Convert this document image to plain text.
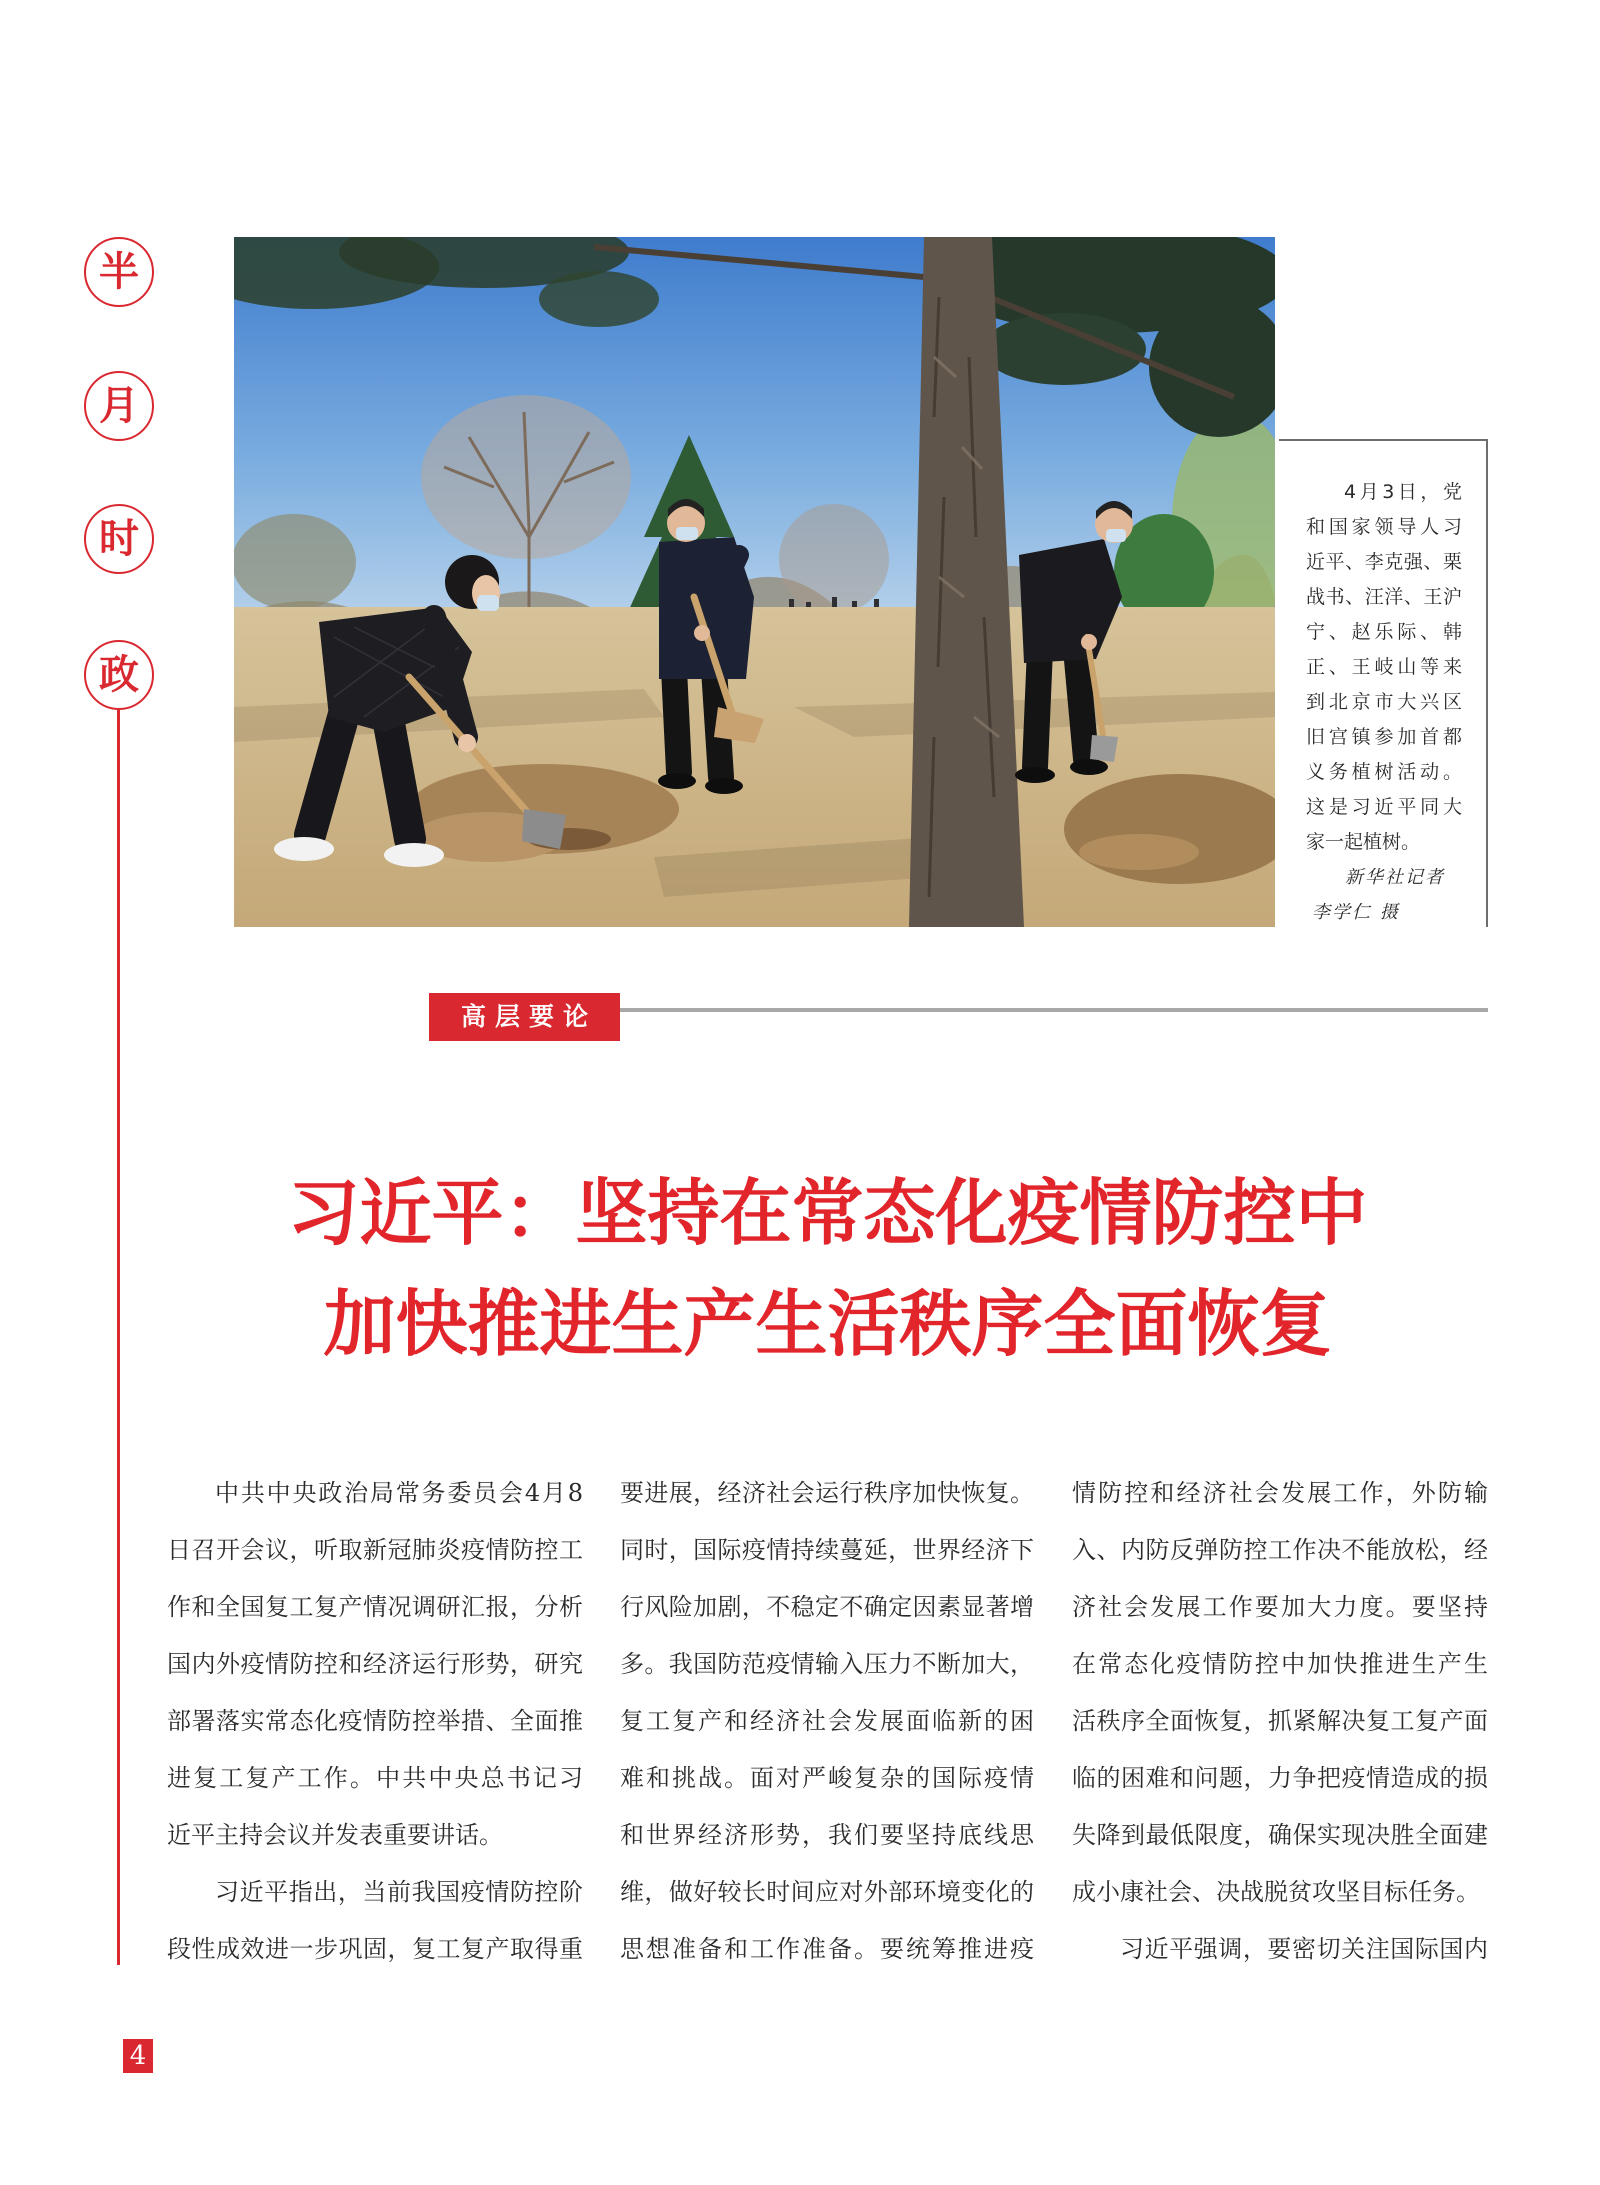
半
月
时
政
4月3日，党
和国家领导人习
近平、李克强、栗
战书、汪洋、王沪
宁、赵乐际、韩
正、王岐山等来
到北京市大兴区
旧宫镇参加首都
义务植树活动。
这是习近平同大
家一起植树。
新华社记者
李学仁 摄
高层要论
习近平：坚持在常态化疫情防控中
加快推进生产生活秩序全面恢复
中共中央政治局常务委员会4月8
日召开会议，听取新冠肺炎疫情防控工
作和全国复工复产情况调研汇报，分析
国内外疫情防控和经济运行形势，研究
部署落实常态化疫情防控举措、全面推
进复工复产工作。中共中央总书记习
近平主持会议并发表重要讲话。
习近平指出，当前我国疫情防控阶
段性成效进一步巩固，复工复产取得重
要进展，经济社会运行秩序加快恢复。
同时，国际疫情持续蔓延，世界经济下
行风险加剧，不稳定不确定因素显著增
多。我国防范疫情输入压力不断加大，
复工复产和经济社会发展面临新的困
难和挑战。面对严峻复杂的国际疫情
和世界经济形势，我们要坚持底线思
维，做好较长时间应对外部环境变化的
思想准备和工作准备。要统筹推进疫
情防控和经济社会发展工作，外防输
入、内防反弹防控工作决不能放松，经
济社会发展工作要加大力度。要坚持
在常态化疫情防控中加快推进生产生
活秩序全面恢复，抓紧解决复工复产面
临的困难和问题，力争把疫情造成的损
失降到最低限度，确保实现决胜全面建
成小康社会、决战脱贫攻坚目标任务。
习近平强调，要密切关注国际国内
4
